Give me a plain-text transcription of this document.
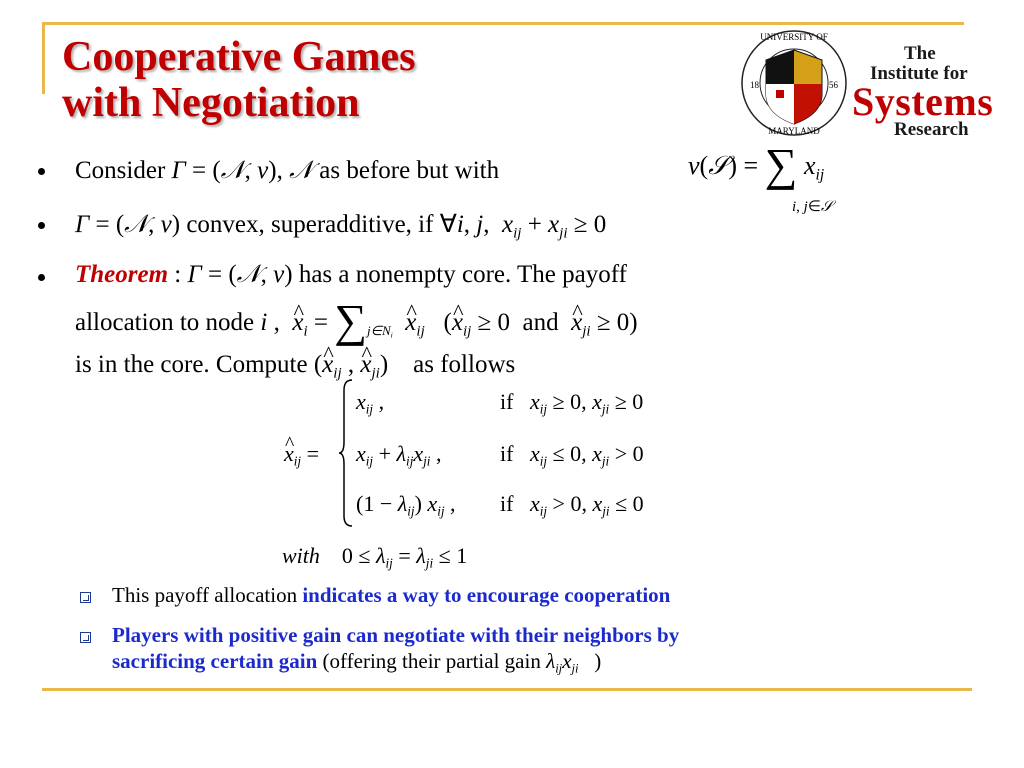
Cooperative Games
with Negotiation
UNIVERSITY OF
MARYLAND
18	56
The
Institute for
Systems
Research
Consider Γ = (𝒩, v), 𝒩 as before but with	v(𝒮) = ∑ $x_{ij}$
i, j∈𝒮
Γ = (𝒩, v) convex, superadditive, if ∀i, j,  $x_{ij} + x_{ji} \ge 0$
Theorem : Γ = (𝒩, v) has a nonempty core. The payoff
allocation to node i ,  ^ $x_i = \sum_{j\in N_i}$ ^ $x_{ij}$   (^ $x_{ij} \ge 0$  and ^ $x_{ji} \ge 0$)
is in the core. Compute (^ $x_{ij}$ , ^ $x_{ji}$) as follows
^ $x_{ij}$ =
$x_{ij}$ ,
$x_{ij} + \lambda_{ij}x_{ji}$ ,
$(1 - \lambda_{ij})$ $x_{ij}$ ,
if $x_{ij} \ge 0$, $x_{ji} \ge 0$
if $x_{ij} \le 0$, $x_{ji} > 0$
if $x_{ij} > 0$, $x_{ji} \le 0$
with    $0 \le \lambda_{ij} = \lambda_{ji} \le 1$
This payoff allocation indicates a way to encourage cooperation
Players with positive gain can negotiate with their neighbors by
sacrificing certain gain (offering their partial gain $\lambda_{ij}x_{ji}$ )
